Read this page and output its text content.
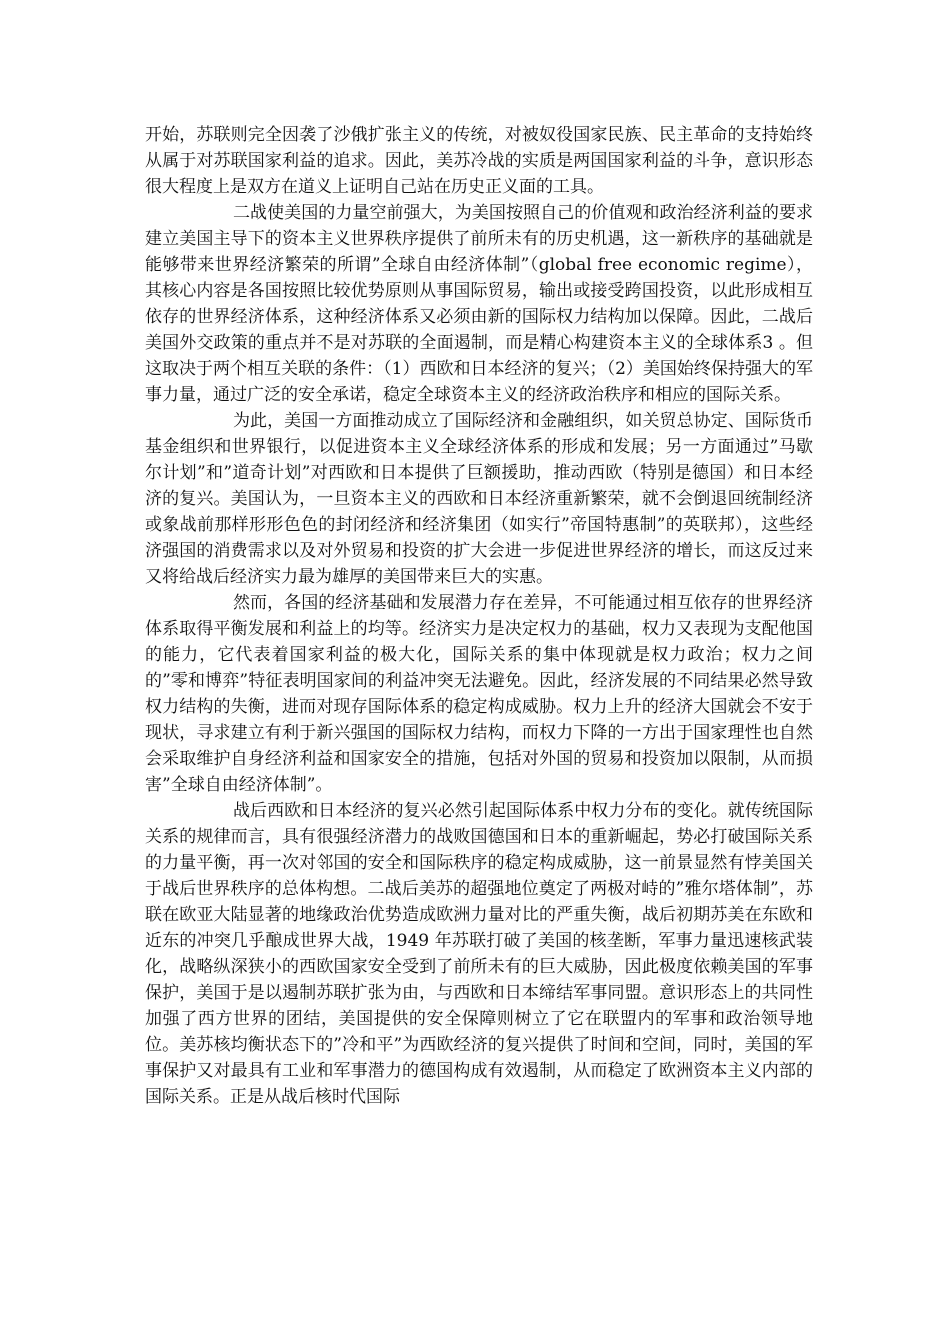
开始，苏联则完全因袭了沙俄扩张主义的传统，对被奴役国家民族、民主革命的支持始终从属于对苏联国家利益的追求。因此，美苏冷战的实质是两国国家利益的斗争，意识形态很大程度上是双方在道义上证明自己站在历史正义面的工具。

二战使美国的力量空前强大，为美国按照自己的价值观和政治经济利益的要求建立美国主导下的资本主义世界秩序提供了前所未有的历史机遇，这一新秩序的基础就是能够带来世界经济繁荣的所谓”全球自由经济体制”（global free economic regime），其核心内容是各国按照比较优势原则从事国际贸易，输出或接受跨国投资，以此形成相互依存的世界经济体系，这种经济体系又必须由新的国际权力结构加以保障。因此，二战后美国外交政策的重点并不是对苏联的全面遏制，而是精心构建资本主义的全球体系3 。但这取决于两个相互关联的条件：（1）西欧和日本经济的复兴；（2）美国始终保持强大的军事力量，通过广泛的安全承诺，稳定全球资本主义的经济政治秩序和相应的国际关系。

为此，美国一方面推动成立了国际经济和金融组织，如关贸总协定、国际货币基金组织和世界银行，以促进资本主义全球经济体系的形成和发展；另一方面通过”马歇尔计划”和”道奇计划”对西欧和日本提供了巨额援助，推动西欧（特别是德国）和日本经济的复兴。美国认为，一旦资本主义的西欧和日本经济重新繁荣，就不会倒退回统制经济或象战前那样形形色色的封闭经济和经济集团（如实行”帝国特惠制”的英联邦），这些经济强国的消费需求以及对外贸易和投资的扩大会进一步促进世界经济的增长，而这反过来又将给战后经济实力最为雄厚的美国带来巨大的实惠。

然而，各国的经济基础和发展潜力存在差异，不可能通过相互依存的世界经济体系取得平衡发展和利益上的均等。经济实力是决定权力的基础，权力又表现为支配他国的能力，它代表着国家利益的极大化，国际关系的集中体现就是权力政治；权力之间的”零和博弈”特征表明国家间的利益冲突无法避免。因此，经济发展的不同结果必然导致权力结构的失衡，进而对现存国际体系的稳定构成威胁。权力上升的经济大国就会不安于现状，寻求建立有利于新兴强国的国际权力结构，而权力下降的一方出于国家理性也自然会采取维护自身经济利益和国家安全的措施，包括对外国的贸易和投资加以限制，从而损害”全球自由经济体制”。

战后西欧和日本经济的复兴必然引起国际体系中权力分布的变化。就传统国际关系的规律而言，具有很强经济潜力的战败国德国和日本的重新崛起，势必打破国际关系的力量平衡，再一次对邻国的安全和国际秩序的稳定构成威胁，这一前景显然有悖美国关于战后世界秩序的总体构想。二战后美苏的超强地位奠定了两极对峙的”雅尔塔体制”，苏联在欧亚大陆显著的地缘政治优势造成欧洲力量对比的严重失衡，战后初期苏美在东欧和近东的冲突几乎酿成世界大战，1949 年苏联打破了美国的核垄断，军事力量迅速核武装化，战略纵深狭小的西欧国家安全受到了前所未有的巨大威胁，因此极度依赖美国的军事保护，美国于是以遏制苏联扩张为由，与西欧和日本缔结军事同盟。意识形态上的共同性加强了西方世界的团结，美国提供的安全保障则树立了它在联盟内的军事和政治领导地位。美苏核均衡状态下的”冷和平”为西欧经济的复兴提供了时间和空间，同时，美国的军事保护又对最具有工业和军事潜力的德国构成有效遏制，从而稳定了欧洲资本主义内部的国际关系。正是从战后核时代国际
